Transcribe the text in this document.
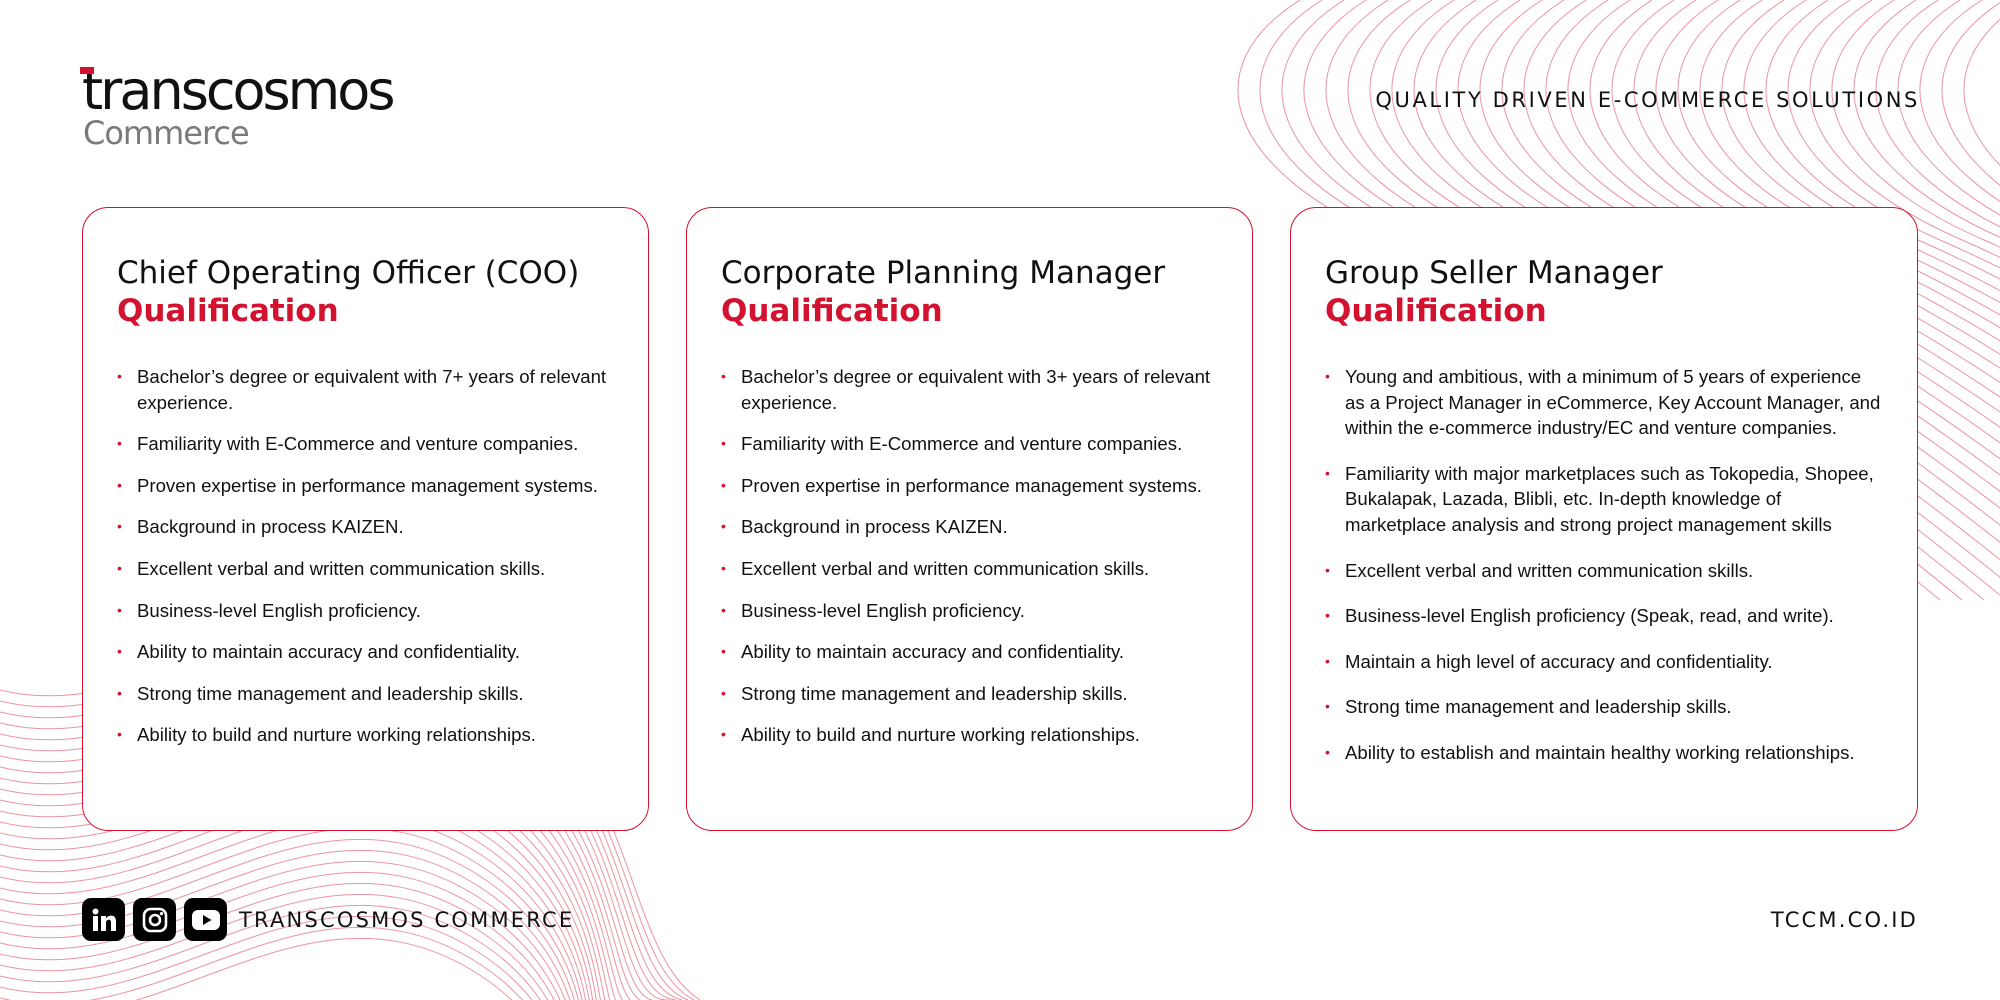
transcosmos
Commerce
QUALITY DRIVEN E-COMMERCE SOLUTIONS
Chief Operating Officer (COO)
Qualification
• Bachelor’s degree or equivalent with 7+ years of relevant experience.
• Familiarity with E-Commerce and venture companies.
• Proven expertise in performance management systems.
• Background in process KAIZEN.
• Excellent verbal and written communication skills.
• Business-level English proficiency.
• Ability to maintain accuracy and confidentiality.
• Strong time management and leadership skills.
• Ability to build and nurture working relationships.
Corporate Planning Manager
Qualification
• Bachelor’s degree or equivalent with 3+ years of relevant experience.
• Familiarity with E-Commerce and venture companies.
• Proven expertise in performance management systems.
• Background in process KAIZEN.
• Excellent verbal and written communication skills.
• Business-level English proficiency.
• Ability to maintain accuracy and confidentiality.
• Strong time management and leadership skills.
• Ability to build and nurture working relationships.
Group Seller Manager
Qualification
• Young and ambitious, with a minimum of 5 years of experience as a Project Manager in eCommerce, Key Account Manager, and within the e-commerce industry/EC and venture companies.
• Familiarity with major marketplaces such as Tokopedia, Shopee, Bukalapak, Lazada, Blibli, etc. In-depth knowledge of marketplace analysis and strong project management skills
• Excellent verbal and written communication skills.
• Business-level English proficiency (Speak, read, and write).
• Maintain a high level of accuracy and confidentiality.
• Strong time management and leadership skills.
• Ability to establish and maintain healthy working relationships.
TRANSCOSMOS COMMERCE	TCCM.CO.ID
